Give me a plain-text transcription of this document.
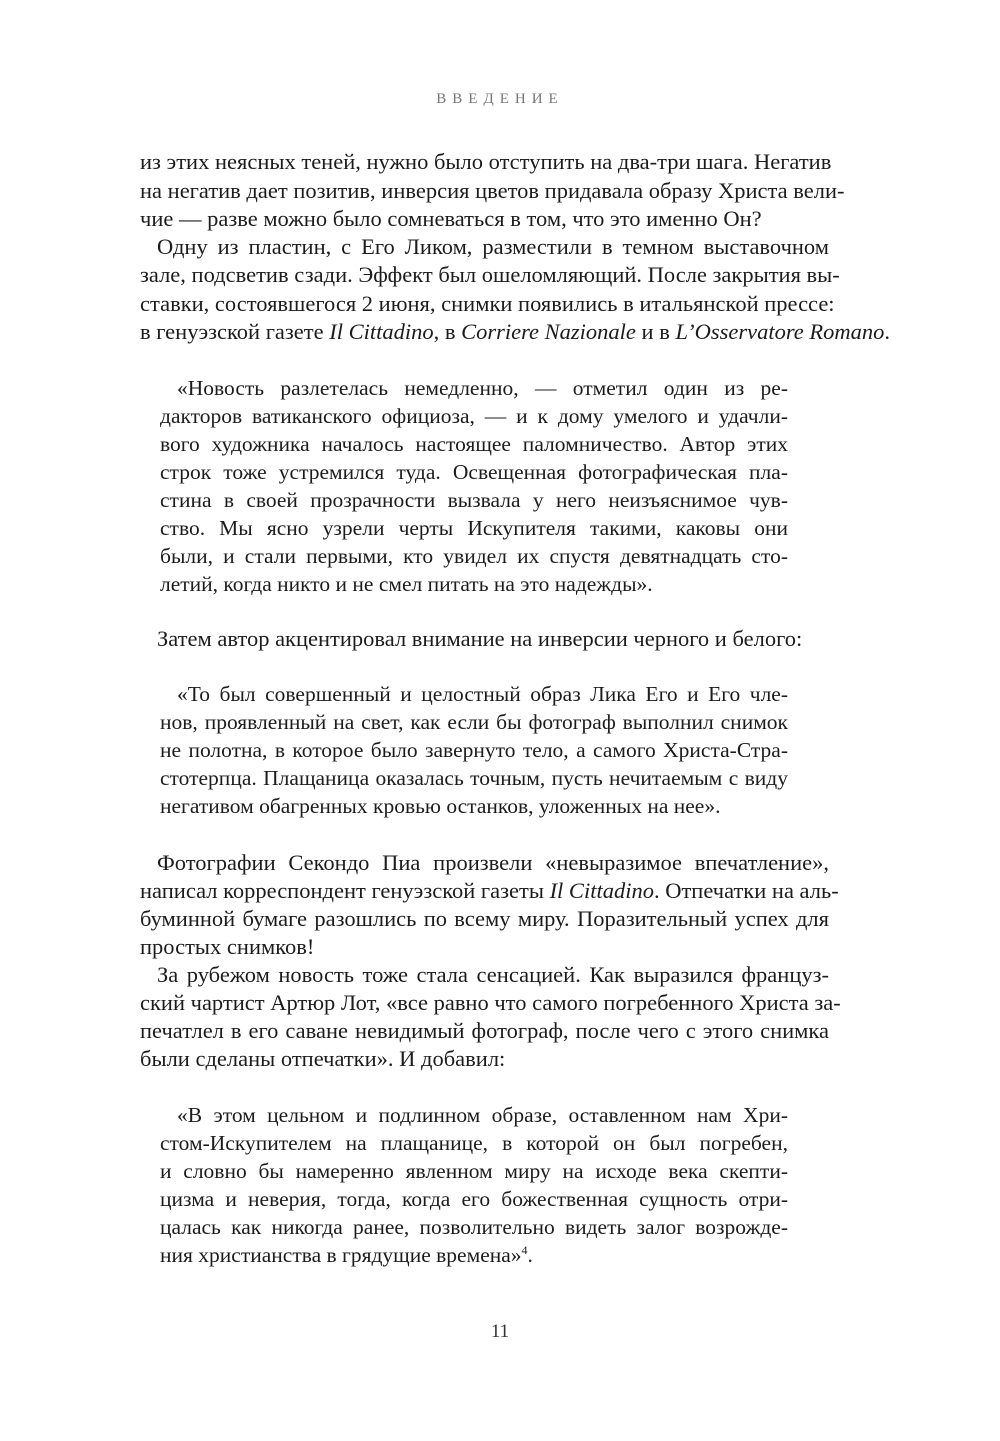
ВВЕДЕНИЕ
из этих неясных теней, нужно было отступить на два-три шага. Негатив
на негатив дает позитив, инверсия цветов придавала образу Христа вели-
чие — разве можно было сомневаться в том, что это именно Он?
Одну из пластин, с Его Ликом, разместили в темном выставочном
зале, подсветив сзади. Эффект был ошеломляющий. После закрытия вы-
ставки, состоявшегося 2 июня, снимки появились в итальянской прессе:
в генуэзской газете Il Cittadino, в Corriere Nazionale и в L’Osservatore Romano.
«Новость разлетелась немедленно, — отметил один из ре-
дакторов ватиканского официоза, — и к дому умелого и удачли-
вого художника началось настоящее паломничество. Автор этих
строк тоже устремился туда. Освещенная фотографическая пла-
стина в своей прозрачности вызвала у него неизъяснимое чув-
ство. Мы ясно узрели черты Искупителя такими, каковы они
были, и стали первыми, кто увидел их спустя девятнадцать сто-
летий, когда никто и не смел питать на это надежды».
Затем автор акцентировал внимание на инверсии черного и белого:
«То был совершенный и целостный образ Лика Его и Его чле-
нов, проявленный на свет, как если бы фотограф выполнил снимок
не полотна, в которое было завернуто тело, а самого Христа-Стра-
стотерпца. Плащаница оказалась точным, пусть нечитаемым с виду
негативом обагренных кровью останков, уложенных на нее».
Фотографии Секондо Пиа произвели «невыразимое впечатление»,
написал корреспондент генуэзской газеты Il Cittadino. Отпечатки на аль-
буминной бумаге разошлись по всему миру. Поразительный успех для
простых снимков!
За рубежом новость тоже стала сенсацией. Как выразился француз-
ский чартист Артюр Лот, «все равно что самого погребенного Христа за-
печатлел в его саване невидимый фотограф, после чего с этого снимка
были сделаны отпечатки». И добавил:
«В этом цельном и подлинном образе, оставленном нам Хри-
стом-Искупителем на плащанице, в которой он был погребен,
и словно бы намеренно явленном миру на исходе века скепти-
цизма и неверия, тогда, когда его божественная сущность отри-
цалась как никогда ранее, позволительно видеть залог возрожде-
ния христианства в грядущие времена»$^4$.
11
